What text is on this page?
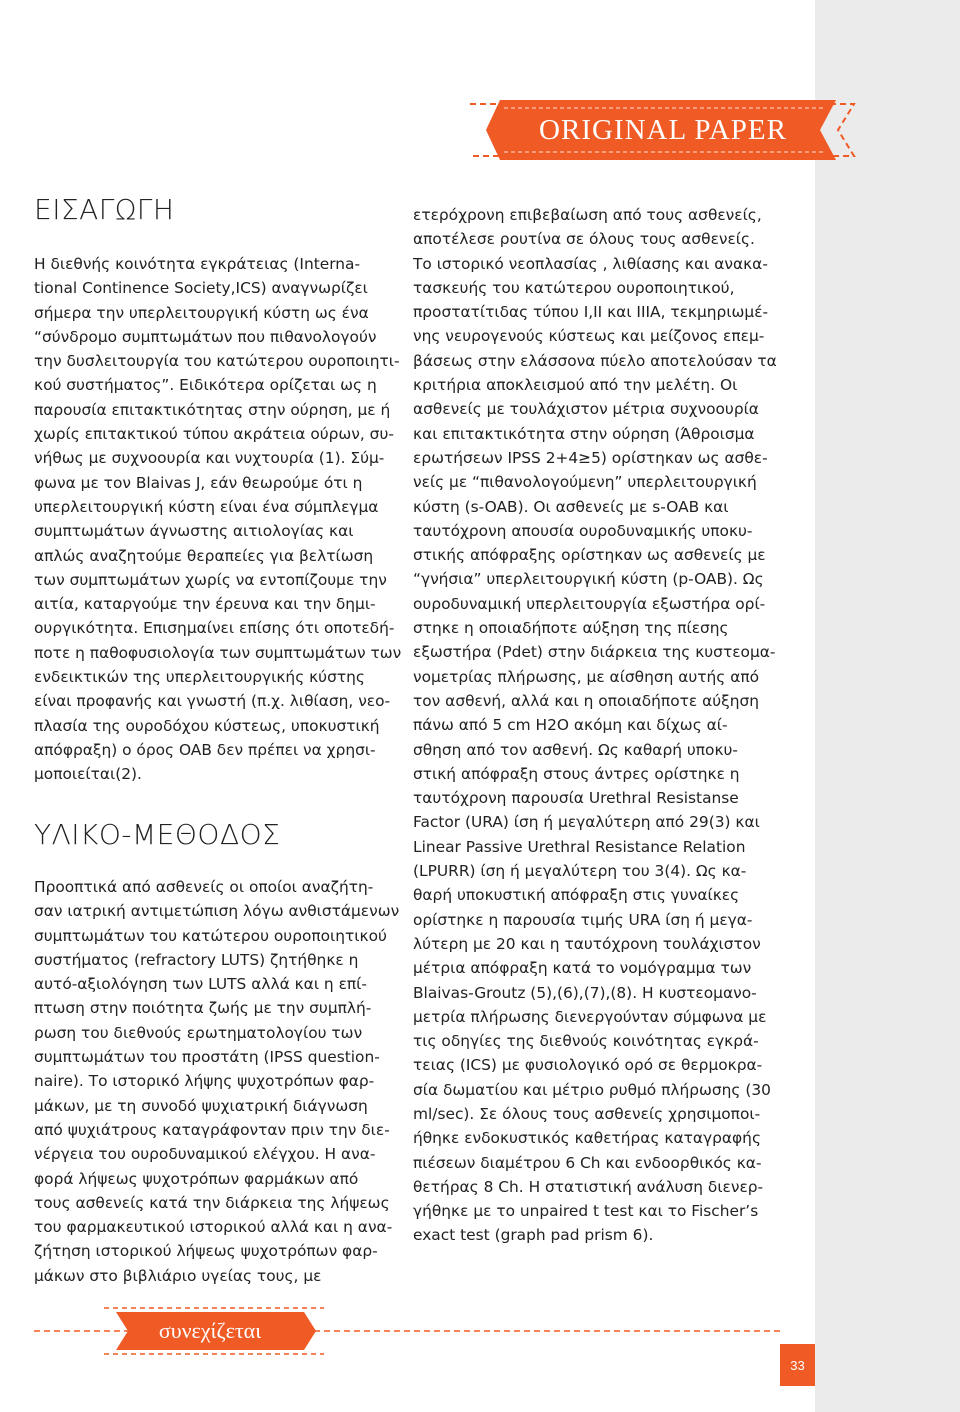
ORIGINAL PAPER
ΕΙΣΑΓΩΓΗ
Η διεθνής κοινότητα εγκράτειας (Interna-
tional Continence Society,ICS) αναγνωρίζει
σήμερα την υπερλειτουργική κύστη ως ένα
“σύνδρομο συμπτωμάτων που πιθανολογούν
την δυσλειτουργία του κατώτερου ουροποιητι-
κού συστήματος”. Ειδικότερα ορίζεται ως η
παρουσία επιτακτικότητας στην ούρηση, με ή
χωρίς επιτακτικού τύπου ακράτεια ούρων, συ-
νήθως με συχνοουρία και νυχτουρία (1). Σύμ-
φωνα με τον Blaivas J, εάν θεωρούμε ότι η
υπερλειτουργική κύστη είναι ένα σύμπλεγμα
συμπτωμάτων άγνωστης αιτιολογίας και
απλώς αναζητούμε θεραπείες για βελτίωση
των συμπτωμάτων χωρίς να εντοπίζουμε την
αιτία, καταργούμε την έρευνα και την δημι-
ουργικότητα. Επισημαίνει επίσης ότι οποτεδή-
ποτε η παθοφυσιολογία των συμπτωμάτων των
ενδεικτικών της υπερλειτουργικής κύστης
είναι προφανής και γνωστή (π.χ. λιθίαση, νεο-
πλασία της ουροδόχου κύστεως, υποκυστική
απόφραξη) ο όρος OAB δεν πρέπει να χρησι-
μοποιείται(2).
ΥΛΙΚΟ-ΜΕΘΟΔΟΣ
Προοπτικά από ασθενείς οι οποίοι αναζήτη-
σαν ιατρική αντιμετώπιση λόγω ανθιστάμενων
συμπτωμάτων του κατώτερου ουροποιητικού
συστήματος (refractory LUTS) ζητήθηκε η
αυτό-αξιολόγηση των LUTS αλλά και η επί-
πτωση στην ποιότητα ζωής με την συμπλή-
ρωση του διεθνούς ερωτηματολογίου των
συμπτωμάτων του προστάτη (IPSS question-
naire). Το ιστορικό λήψης ψυχοτρόπων φαρ-
μάκων, με τη συνοδό ψυχιατρική διάγνωση
από ψυχιάτρους καταγράφονταν πριν την διε-
νέργεια του ουροδυναμικού ελέγχου. Η ανα-
φορά λήψεως ψυχοτρόπων φαρμάκων από
τους ασθενείς κατά την διάρκεια της λήψεως
του φαρμακευτικού ιστορικού αλλά και η ανα-
ζήτηση ιστορικού λήψεως ψυχοτρόπων φαρ-
μάκων στο βιβλιάριο υγείας τους, με
ετερόχρονη επιβεβαίωση από τους ασθενείς,
αποτέλεσε ρουτίνα σε όλους τους ασθενείς.
Το ιστορικό νεοπλασίας , λιθίασης και ανακα-
τασκευής του κατώτερου ουροποιητικού,
προστατίτιδας τύπου I,II και IIIA, τεκμηριωμέ-
νης νευρογενούς κύστεως και μείζονος επεμ-
βάσεως στην ελάσσονα πύελο αποτελούσαν τα
κριτήρια αποκλεισμού από την μελέτη. Οι
ασθενείς με τουλάχιστον μέτρια συχνοουρία
και επιτακτικότητα στην ούρηση (Άθροισμα
ερωτήσεων IPSS 2+4≥5) ορίστηκαν ως ασθε-
νείς με “πιθανολογούμενη” υπερλειτουργική
κύστη (s-OAB). Οι ασθενείς με s-OAB και
ταυτόχρονη απουσία ουροδυναμικής υποκυ-
στικής απόφραξης ορίστηκαν ως ασθενείς με
“γνήσια” υπερλειτουργική κύστη (p-OAB). Ως
ουροδυναμική υπερλειτουργία εξωστήρα ορί-
στηκε η οποιαδήποτε αύξηση της πίεσης
εξωστήρα (Pdet) στην διάρκεια της κυστεομα-
νομετρίας πλήρωσης, με αίσθηση αυτής από
τον ασθενή, αλλά και η οποιαδήποτε αύξηση
πάνω από 5 cm H2O ακόμη και δίχως αί-
σθηση από τον ασθενή. Ως καθαρή υποκυ-
στική απόφραξη στους άντρες ορίστηκε η
ταυτόχρονη παρουσία Urethral Resistanse
Factor (URA) ίση ή μεγαλύτερη από 29(3) και
Linear Passive Urethral Resistance Relation
(LPURR) ίση ή μεγαλύτερη του 3(4). Ως κα-
θαρή υποκυστική απόφραξη στις γυναίκες
ορίστηκε η παρουσία τιμής URA ίση ή μεγα-
λύτερη με 20 και η ταυτόχρονη τουλάχιστον
μέτρια απόφραξη κατά το νομόγραμμα των
Blaivas-Groutz (5),(6),(7),(8). Η κυστεομανο-
μετρία πλήρωσης διενεργούνταν σύμφωνα με
τις οδηγίες της διεθνούς κοινότητας εγκρά-
τειας (ICS) με φυσιολογικό ορό σε θερμοκρα-
σία δωματίου και μέτριο ρυθμό πλήρωσης (30
ml/sec). Σε όλους τους ασθενείς χρησιμοποι-
ήθηκε ενδοκυστικός καθετήρας καταγραφής
πιέσεων διαμέτρου 6 Ch και ενδοορθικός κα-
θετήρας 8 Ch. Η στατιστική ανάλυση διενερ-
γήθηκε με το unpaired t test και το Fischer’s
exact test (graph pad prism 6).
συνεχίζεται
33
